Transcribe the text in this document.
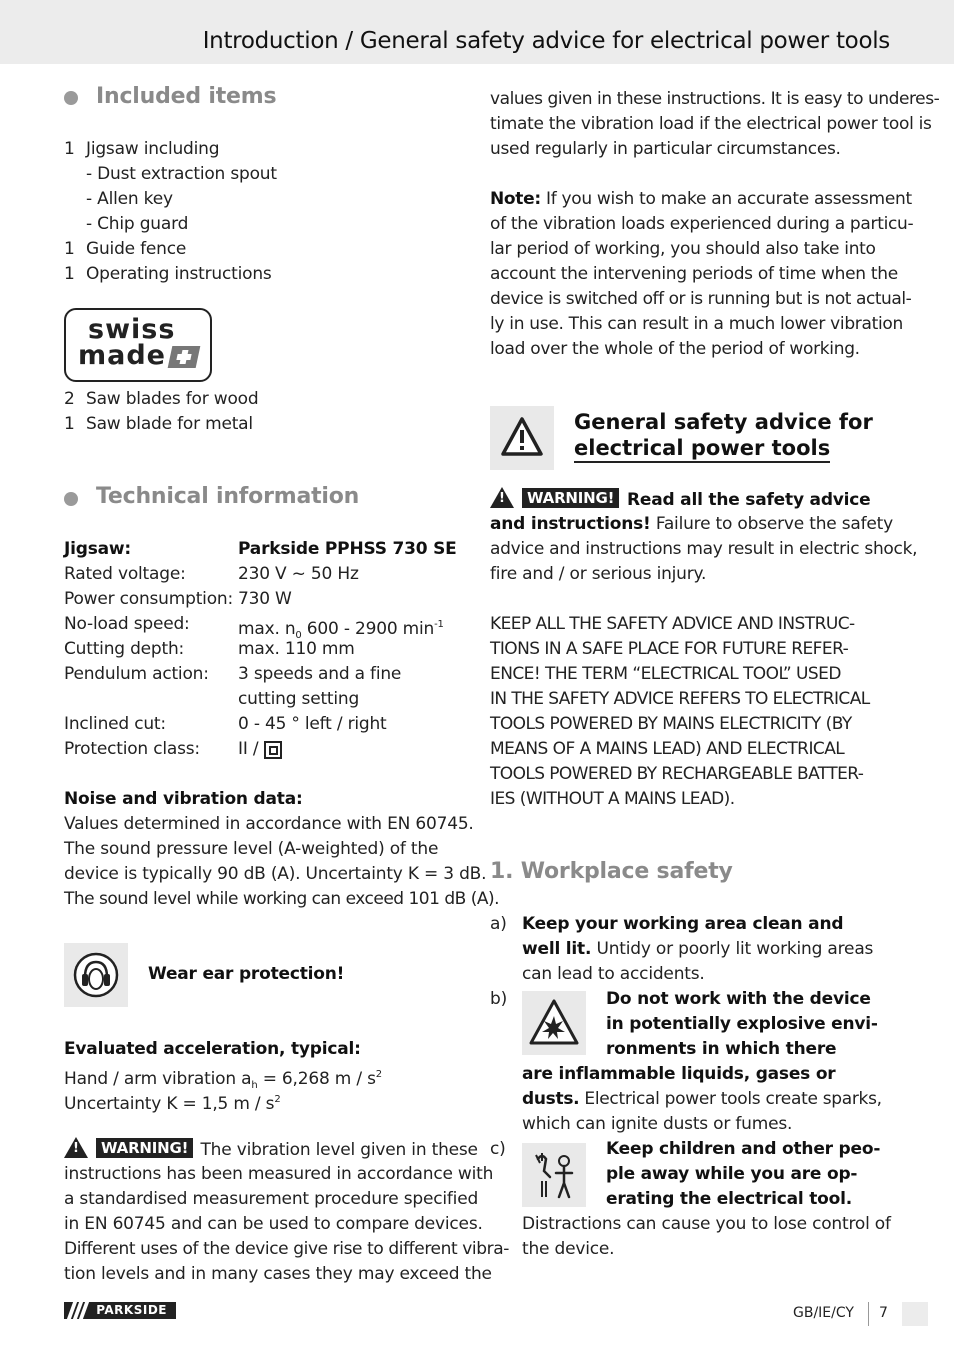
Introduction / General safety advice for electrical power tools
Included items
1 Jigsaw including
- Dust extraction spout
- Allen key
- Chip guard
1 Guide fence
1 Operating instructions
swiss
made
2 Saw blades for wood
1 Saw blade for metal
Technical information
Jigsaw:	Parkside PPHSS 730 SE
Rated voltage:	230 V ~ 50 Hz
Power consumption: 730 W
No-load speed:	max. $n_0$ 600 - 2900 $\min^{-1}$
Cutting depth:	max. 110 mm
Pendulum action: 3 speeds and a fine
cutting setting
Inclined cut:	0 - 45 ° left / right
Protection class: II /
Noise and vibration data:
Values determined in accordance with EN 60745.
The sound pressure level (A-weighted) of the
device is typically 90 dB (A). Uncertainty K = 3 dB.
The sound level while working can exceed 101 dB (A).
Wear ear protection!
Evaluated acceleration, typical:
Hand / arm vibration $a_h = 6,268$ m / $s^2$
Uncertainty K = 1,5 m / $s^2$
!WARNING! The vibration level given in these
instructions has been measured in accordance with
a standardised measurement procedure specified
in EN 60745 and can be used to compare devices.
Different uses of the device give rise to different vibra-
tion levels and in many cases they may exceed the
values given in these instructions. It is easy to underes-
timate the vibration load if the electrical power tool is
used regularly in particular circumstances.
Note: If you wish to make an accurate assessment
of the vibration loads experienced during a particu-
lar period of working, you should also take into
account the intervening periods of time when the
device is switched off or is running but is not actual-
ly in use. This can result in a much lower vibration
load over the whole of the period of working.
General safety advice for
electrical power tools
!WARNING! Read all the safety advice
and instructions! Failure to observe the safety
advice and instructions may result in electric shock,
fire and / or serious injury.
KEEP ALL THE SAFETY ADVICE AND INSTRUC-
TIONS IN A SAFE PLACE FOR FUTURE REFER-
ENCE! THE TERM “ELECTRICAL TOOL” USED
IN THE SAFETY ADVICE REFERS TO ELECTRICAL
TOOLS POWERED BY MAINS ELECTRICITY (BY
MEANS OF A MAINS LEAD) AND ELECTRICAL
TOOLS POWERED BY RECHARGEABLE BATTER-
IES (WITHOUT A MAINS LEAD).
1. Workplace safety
a) Keep your working area clean and
well lit. Untidy or poorly lit working areas
can lead to accidents.
b)	Do not work with the device
in potentially explosive envi-
ronments in which there
are inflammable liquids, gases or
dusts. Electrical power tools create sparks,
which can ignite dusts or fumes.
c)	Keep children and other peo-
ple away while you are op-
erating the electrical tool.
Distractions can cause you to lose control of
the device.
PARKSIDE	GB/IE/CY 7
